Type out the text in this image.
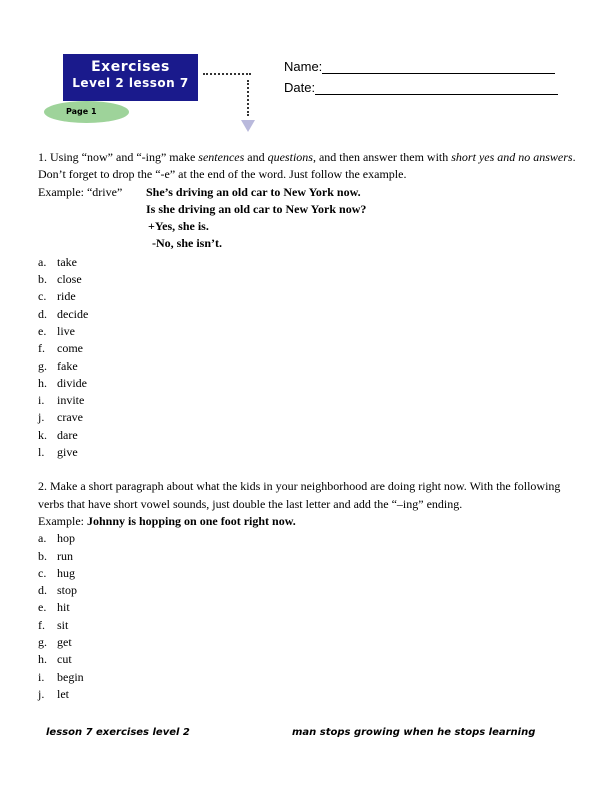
Exercises
Level 2 lesson 7
Page 1
Name:
Date:

1. Using “now” and “-ing” make sentences and questions, and then answer them with short yes and no answers. Don’t forget to drop the “-e” at the end of the word. Just follow the example.

Example: “drive” She’s driving an old car to New York now.
Is she driving an old car to New York now?
+Yes, she is.
-No, she isn’t.
a. take
b. close
c. ride
d. decide
e. live
f. come
g. fake
h. divide
i. invite
j. crave
k. dare
l. give

2. Make a short paragraph about what the kids in your neighborhood are doing right now. With the following verbs that have short vowel sounds, just double the last letter and add the “–ing” ending.

Example: Johnny is hopping on one foot right now.

a. hop
b. run
c. hug
d. stop
e. hit
f. sit
g. get
h. cut
i. begin
j. let
lesson 7 exercises level 2	man stops growing when he stops learning
